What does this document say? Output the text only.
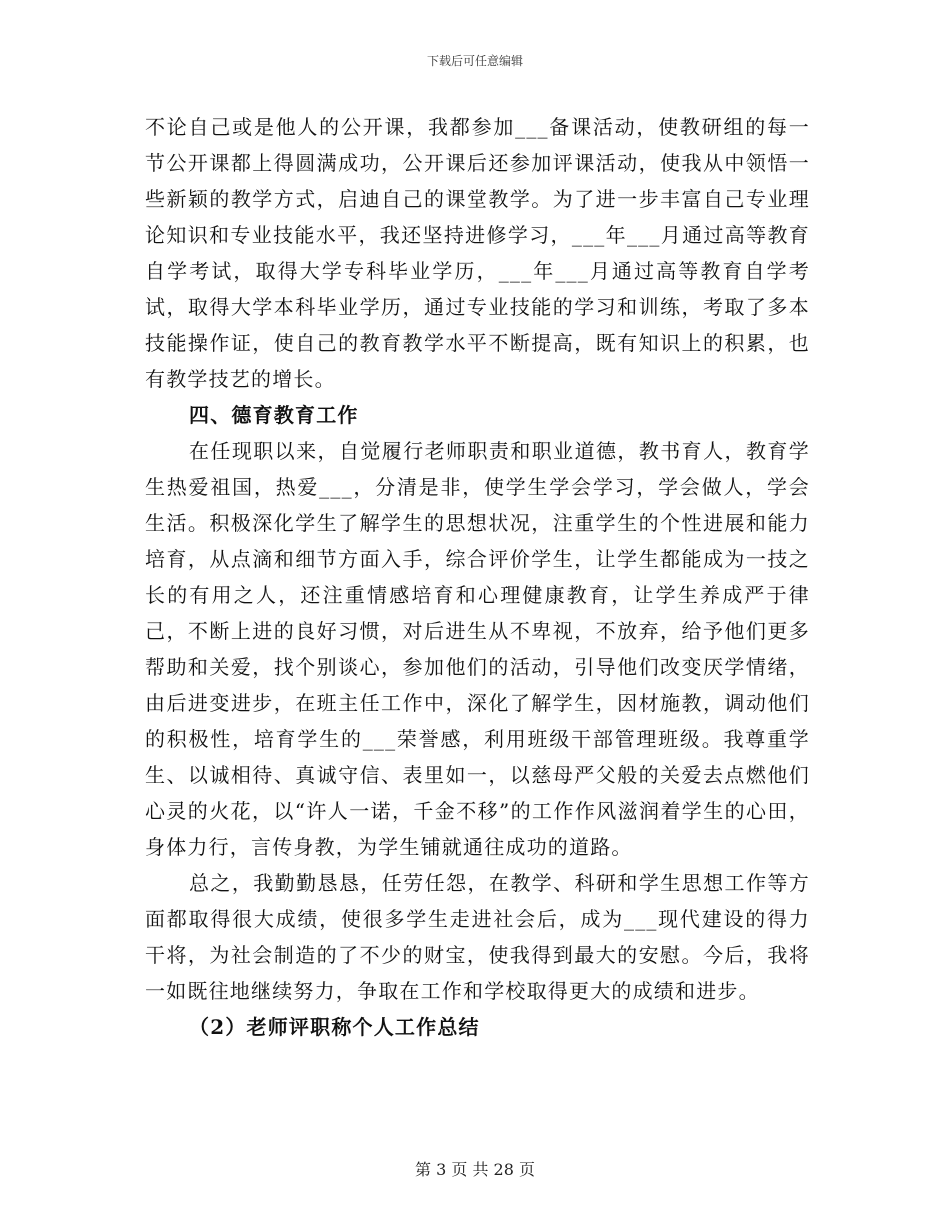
下载后可任意编辑

不论自己或是他人的公开课，我都参加___备课活动，使教研组的每一节公开课都上得圆满成功，公开课后还参加评课活动，使我从中领悟一些新颖的教学方式，启迪自己的课堂教学。为了进一步丰富自己专业理论知识和专业技能水平，我还坚持进修学习，___年___月通过高等教育自学考试，取得大学专科毕业学历，___年___月通过高等教育自学考试，取得大学本科毕业学历，通过专业技能的学习和训练，考取了多本技能操作证，使自己的教育教学水平不断提高，既有知识上的积累，也有教学技艺的增长。

四、德育教育工作

在任现职以来，自觉履行老师职责和职业道德，教书育人，教育学生热爱祖国，热爱___，分清是非，使学生学会学习，学会做人，学会生活。积极深化学生了解学生的思想状况，注重学生的个性进展和能力培育，从点滴和细节方面入手，综合评价学生，让学生都能成为一技之长的有用之人，还注重情感培育和心理健康教育，让学生养成严于律己，不断上进的良好习惯，对后进生从不卑视，不放弃，给予他们更多帮助和关爱，找个别谈心，参加他们的活动，引导他们改变厌学情绪，由后进变进步，在班主任工作中，深化了解学生，因材施教，调动他们的积极性，培育学生的___荣誉感，利用班级干部管理班级。我尊重学生、以诚相待、真诚守信、表里如一，以慈母严父般的关爱去点燃他们心灵的火花，以“许人一诺，千金不移”的工作作风滋润着学生的心田，身体力行，言传身教，为学生铺就通往成功的道路。

总之，我勤勤恳恳，任劳任怨，在教学、科研和学生思想工作等方面都取得很大成绩，使很多学生走进社会后，成为___现代建设的得力干将，为社会制造的了不少的财宝，使我得到最大的安慰。今后，我将一如既往地继续努力，争取在工作和学校取得更大的成绩和进步。

（2）老师评职称个人工作总结

第 3 页 共 28 页
